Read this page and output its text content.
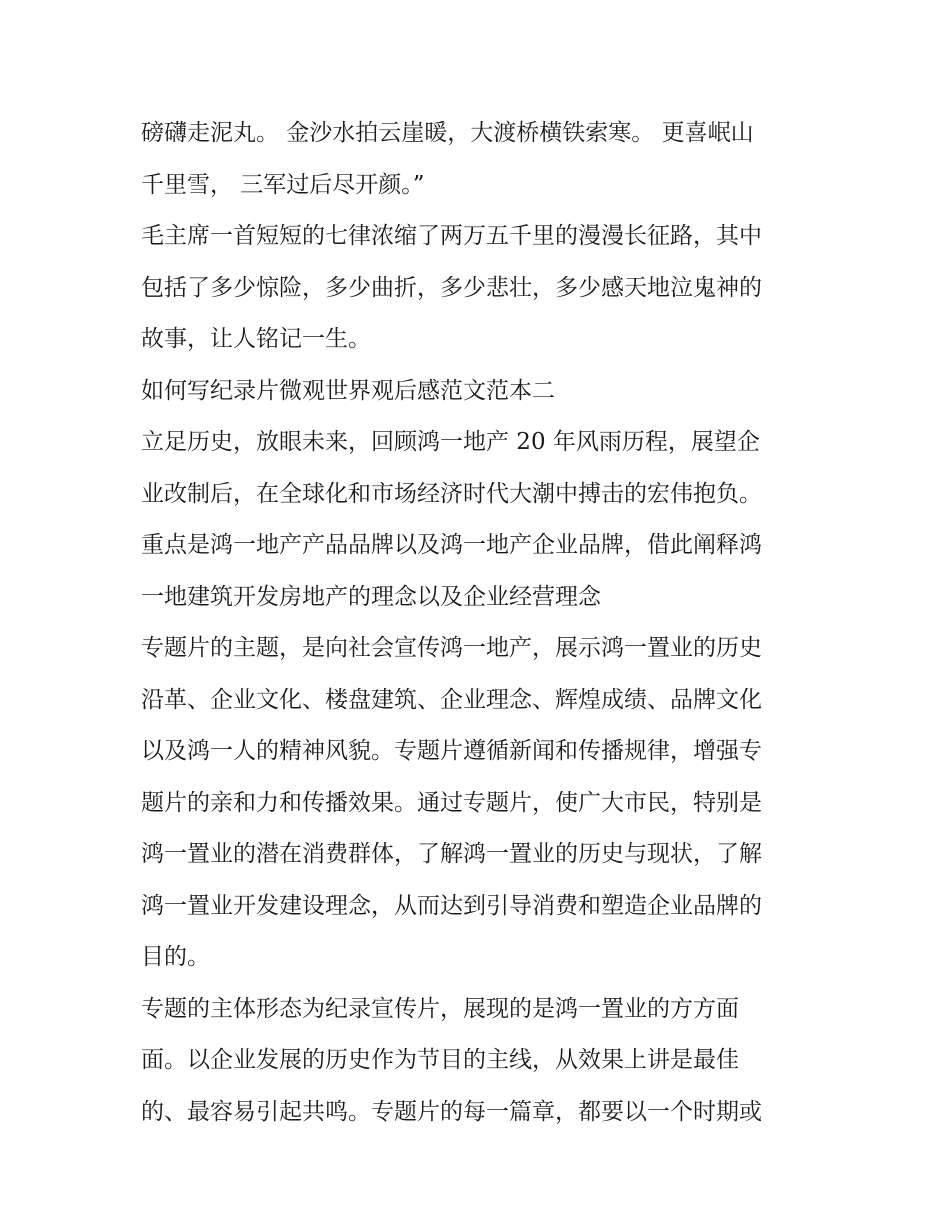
磅礴走泥丸。 金沙水拍云崖暖，大渡桥横铁索寒。 更喜岷山
千里雪， 三军过后尽开颜。”
毛主席一首短短的七律浓缩了两万五千里的漫漫长征路，其中
包括了多少惊险，多少曲折，多少悲壮，多少感天地泣鬼神的
故事，让人铭记一生。
如何写纪录片微观世界观后感范文范本二
立足历史，放眼未来，回顾鸿一地产 20 年风雨历程，展望企
业改制后，在全球化和市场经济时代大潮中搏击的宏伟抱负。
重点是鸿一地产产品品牌以及鸿一地产企业品牌，借此阐释鸿
一地建筑开发房地产的理念以及企业经营理念
专题片的主题，是向社会宣传鸿一地产，展示鸿一置业的历史
沿革、企业文化、楼盘建筑、企业理念、辉煌成绩、品牌文化
以及鸿一人的精神风貌。专题片遵循新闻和传播规律，增强专
题片的亲和力和传播效果。通过专题片，使广大市民，特别是
鸿一置业的潜在消费群体，了解鸿一置业的历史与现状，了解
鸿一置业开发建设理念，从而达到引导消费和塑造企业品牌的
目的。
专题的主体形态为纪录宣传片，展现的是鸿一置业的方方面
面。以企业发展的历史作为节目的主线，从效果上讲是最佳
的、最容易引起共鸣。专题片的每一篇章，都要以一个时期或
